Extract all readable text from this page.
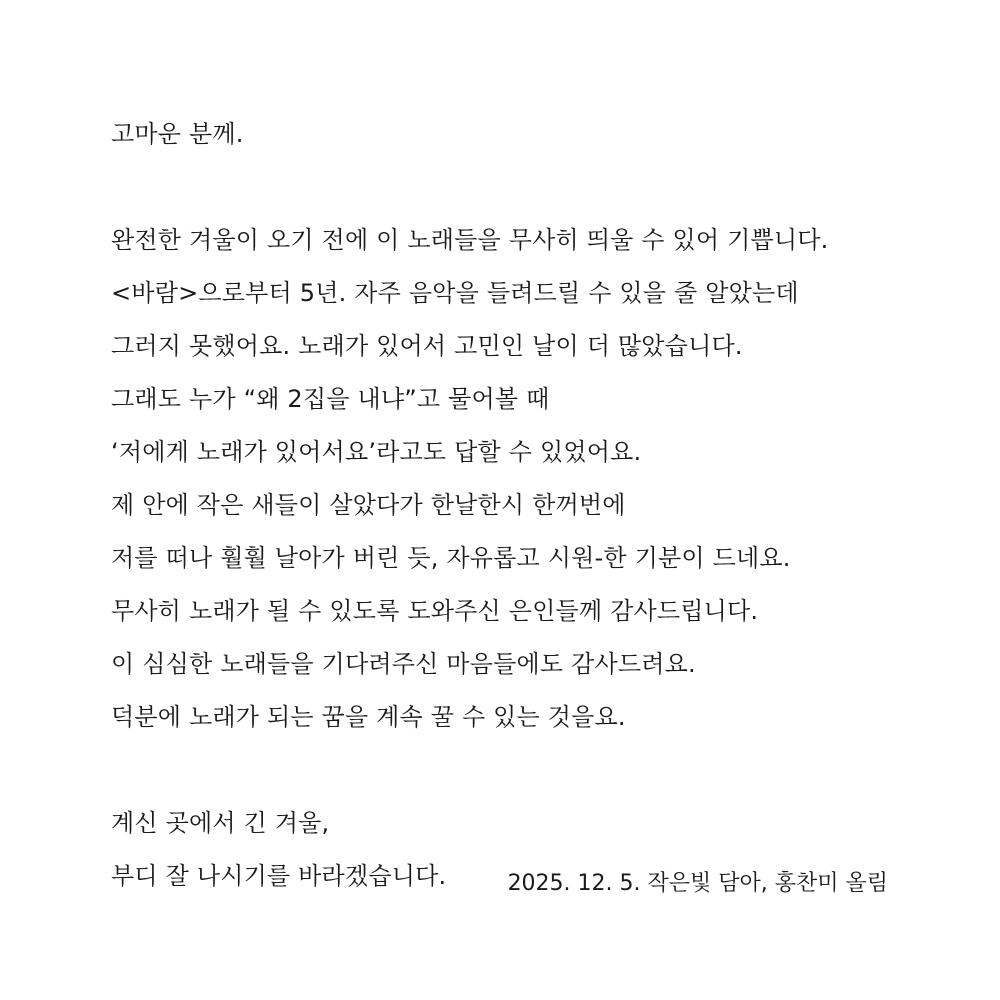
고마운 분께.
완전한 겨울이 오기 전에 이 노래들을 무사히 띄울 수 있어 기쁩니다.
<바람>으로부터 5년. 자주 음악을 들려드릴 수 있을 줄 알았는데
그러지 못했어요. 노래가 있어서 고민인 날이 더 많았습니다.
그래도 누가 “왜 2집을 내냐”고 물어볼 때
‘저에게 노래가 있어서요’라고도 답할 수 있었어요.
제 안에 작은 새들이 살았다가 한날한시 한꺼번에
저를 떠나 훨훨 날아가 버린 듯, 자유롭고 시원-한 기분이 드네요.
무사히 노래가 될 수 있도록 도와주신 은인들께 감사드립니다.
이 심심한 노래들을 기다려주신 마음들에도 감사드려요.
덕분에 노래가 되는 꿈을 계속 꿀 수 있는 것을요.
계신 곳에서 긴 겨울,
부디 잘 나시기를 바라겠습니다.	2025. 12. 5. 작은빛 담아, 홍찬미 올림
